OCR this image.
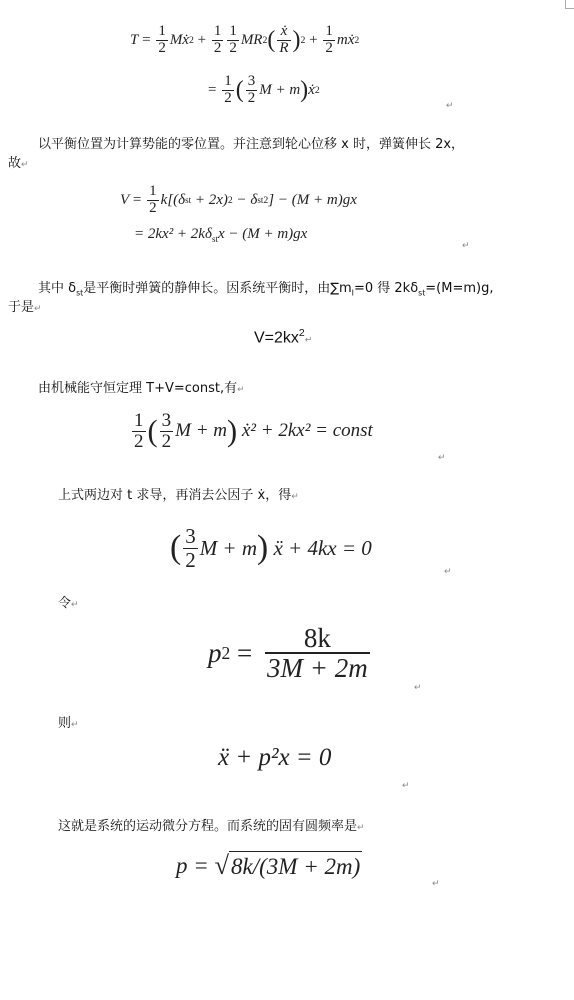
T
=
$\frac{1}{2}$ Mẋ 2
+
$\frac{1}{2} \frac{1}{2}$ MR 2 ( $\frac{\text{ẋ}}{R}$ ) 2
+
$\frac{1}{2}$ mẋ 2
=
$\frac{1}{2}$ ( $\frac{3}{2}$ M + m ) ẋ 2
↵
以平衡位置为计算势能的零位置。并注意到轮心位移 x 时，弹簧伸长 2x，
故↵
V
=
$\frac{1}{2}$ k [(δ st
+ 2x) 2
− δ st 2 ] − (M + m)gx
= $2kx^2 + 2k\delta_{st}x - (M + m)gx$
↵
其中 $\delta_{st}$是平衡时弹簧的静伸长。因系统平衡时，由$\sum m_I=0$ 得 $2k\delta_{st}=(M=m)g$,
于是↵
$V=2kx^2↵$
由机械能守恒定理 T+V=const,有↵
$\frac{1}{2}$ ( $\frac{3}{2}$ M + m )
ẋ² + 2kx² = const
↵
上式两边对 t 求导，再消去公因子 ẋ，得↵
( $\frac{3}{2}$ M + m )
ẍ + 4kx = 0
↵
令↵
p 2
=
$\frac{8k}{3M + 2m}$
↵
则↵
ẍ + p²x = 0
↵
这就是系统的运动微分方程。而系统的固有圆频率是↵
p =
√ 8k/(3M + 2m)
↵
